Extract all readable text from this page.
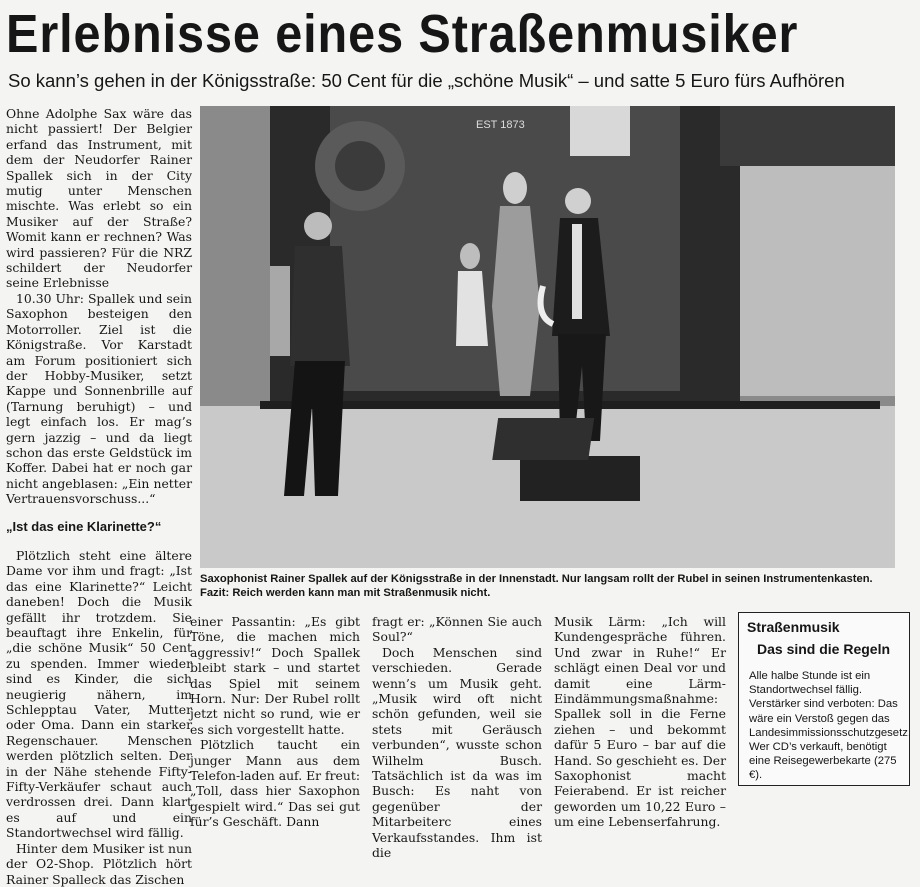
Erlebnisse eines Straßenmusiker
So kann’s gehen in der Königsstraße: 50 Cent für die „schöne Musik“ – und satte 5 Euro fürs Aufhören

Ohne Adolphe Sax wäre das nicht passiert! Der Belgier erfand das Instrument, mit dem der Neudorfer Rainer Spallek sich in der City mutig unter Menschen mischte. Was erlebt so ein Musiker auf der Straße? Womit kann er rechnen? Was wird passieren? Für die NRZ schildert der Neudorfer seine Erlebnisse

10.30 Uhr: Spallek und sein Saxophon besteigen den Motorroller. Ziel ist die Königstraße. Vor Karstadt am Forum positioniert sich der Hobby-Musiker, setzt Kappe und Sonnenbrille auf (Tarnung beruhigt) – und legt einfach los. Er mag’s gern jazzig – und da liegt schon das erste Geldstück im Koffer. Dabei hat er noch gar nicht angeblasen: „Ein netter Vertrauensvorschuss...“

„Ist das eine Klarinette?“

Plötzlich steht eine ältere Dame vor ihm und fragt: „Ist das eine Klarinette?“ Leicht daneben! Doch die Musik gefällt ihr trotzdem. Sie beauftagt ihre Enkelin, für „die schöne Musik“ 50 Cent zu spenden. Immer wieder sind es Kinder, die sich neugierig nähern, im Schlepptau Vater, Mutter oder Oma. Dann ein starker Regenschauer. Menschen werden plötzlich selten. Der in der Nähe stehende Fifty-Fifty-Verkäufer schaut auch verdrossen drei. Dann klart es auf und ein Standortwechsel wird fällig.

Hinter dem Musiker ist nun der O2-Shop. Plötzlich hört Rainer Spalleck das Zischen

EST 1873
Saxophonist Rainer Spallek auf der Königsstraße in der Innenstadt. Nur langsam rollt der Rubel in seinen Instrumentenkasten. Fazit: Reich werden kann man mit Straßenmusik nicht.

einer Passantin: „Es gibt Töne, die machen mich aggressiv!“ Doch Spallek bleibt stark – und startet das Spiel mit seinem Horn. Nur: Der Rubel rollt jetzt nicht so rund, wie er es sich vorgestellt hatte.

Plötzlich taucht ein junger Mann aus dem Telefon-laden auf. Er freut: „Toll, dass hier Saxophon gespielt wird.“ Das sei gut für’s Geschäft. Dann

fragt er: „Können Sie auch Soul?“

Doch Menschen sind verschieden. Gerade wenn’s um Musik geht. „Musik wird oft nicht schön gefunden, weil sie stets mit Geräusch verbunden“, wusste schon Wilhelm Busch. Tatsächlich ist da was im Busch: Es naht von gegenüber der Mitarbeiterc eines Verkaufsstandes. Ihm ist die

Musik Lärm: „Ich will Kundengespräche führen. Und zwar in Ruhe!“ Er schlägt einen Deal vor und damit eine Lärm-Eindämmungsmaßnahme: Spallek soll in die Ferne ziehen – und bekommt dafür 5 Euro – bar auf die Hand. So geschieht es. Der Saxophonist macht Feierabend. Er ist reicher geworden um 10,22 Euro – um eine Lebenserfahrung.

Straßenmusik
Das sind die Regeln
Alle halbe Stunde ist ein Standortwechsel fällig. Verstärker sind verboten: Das wäre ein Verstoß gegen das Landesimmissionsschutzgesetz. Wer CD’s verkauft, benötigt eine Reisegewerbekarte (275 €).
